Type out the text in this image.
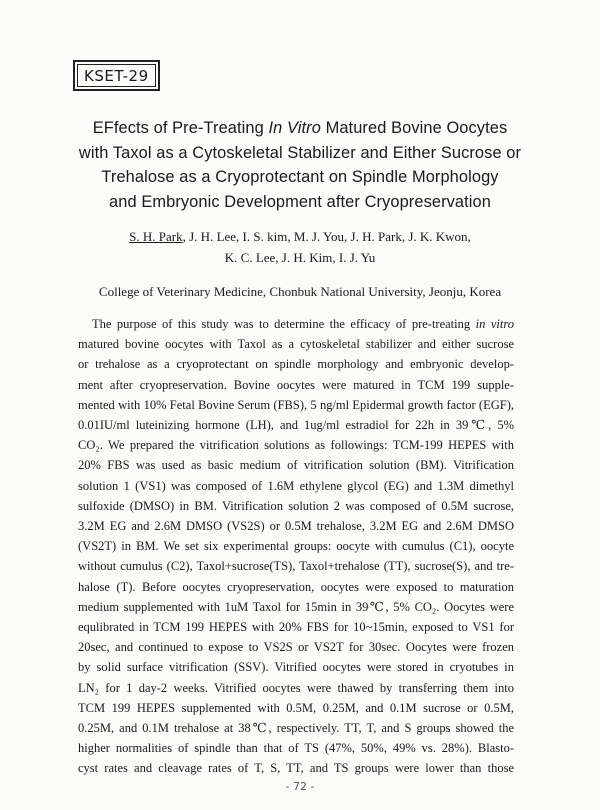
KSET-29
EFfects of Pre-Treating In Vitro Matured Bovine Oocytes
with Taxol as a Cytoskeletal Stabilizer and Either Sucrose or
Trehalose as a Cryoprotectant on Spindle Morphology
and Embryonic Development after Cryopreservation
S. H. Park, J. H. Lee, I. S. kim, M. J. You, J. H. Park, J. K. Kwon,
K. C. Lee, J. H. Kim, I. J. Yu
College of Veterinary Medicine, Chonbuk National University, Jeonju, Korea
The purpose of this study was to determine the efficacy of pre-treating in vitro
matured bovine oocytes with Taxol as a cytoskeletal stabilizer and either sucrose
or trehalose as a cryoprotectant on spindle morphology and embryonic develop-
ment after cryopreservation. Bovine oocytes were matured in TCM 199 supple-
mented with 10% Fetal Bovine Serum (FBS), 5 ng/ml Epidermal growth factor (EGF),
0.01IU/ml luteinizing hormone (LH), and 1ug/ml estradiol for 22h in 39℃, 5%
CO₂. We prepared the vitrification solutions as followings: TCM-199 HEPES with
20% FBS was used as basic medium of vitrification solution (BM). Vitrification
solution 1 (VS1) was composed of 1.6M ethylene glycol (EG) and 1.3M dimethyl
sulfoxide (DMSO) in BM. Vitrification solution 2 was composed of 0.5M sucrose,
3.2M EG and 2.6M DMSO (VS2S) or 0.5M trehalose, 3.2M EG and 2.6M DMSO
(VS2T) in BM. We set six experimental groups: oocyte with cumulus (C1), oocyte
without cumulus (C2), Taxol+sucrose(TS), Taxol+trehalose (TT), sucrose(S), and tre-
halose (T). Before oocytes cryopreservation, oocytes were exposed to maturation
medium supplemented with 1uM Taxol for 15min in 39℃, 5% CO₂. Oocytes were
equlibrated in TCM 199 HEPES with 20% FBS for 10~15min, exposed to VS1 for
20sec, and continued to expose to VS2S or VS2T for 30sec. Oocytes were frozen
by solid surface vitrification (SSV). Vitrified oocytes were stored in cryotubes in
LN₂ for 1 day-2 weeks. Vitrified oocytes were thawed by transferring them into
TCM 199 HEPES supplemented with 0.5M, 0.25M, and 0.1M sucrose or 0.5M,
0.25M, and 0.1M trehalose at 38℃, respectively. TT, T, and S groups showed the
higher normalities of spindle than that of TS (47%, 50%, 49% vs. 28%). Blasto-
cyst rates and cleavage rates of T, S, TT, and TS groups were lower than those
- 72 -
